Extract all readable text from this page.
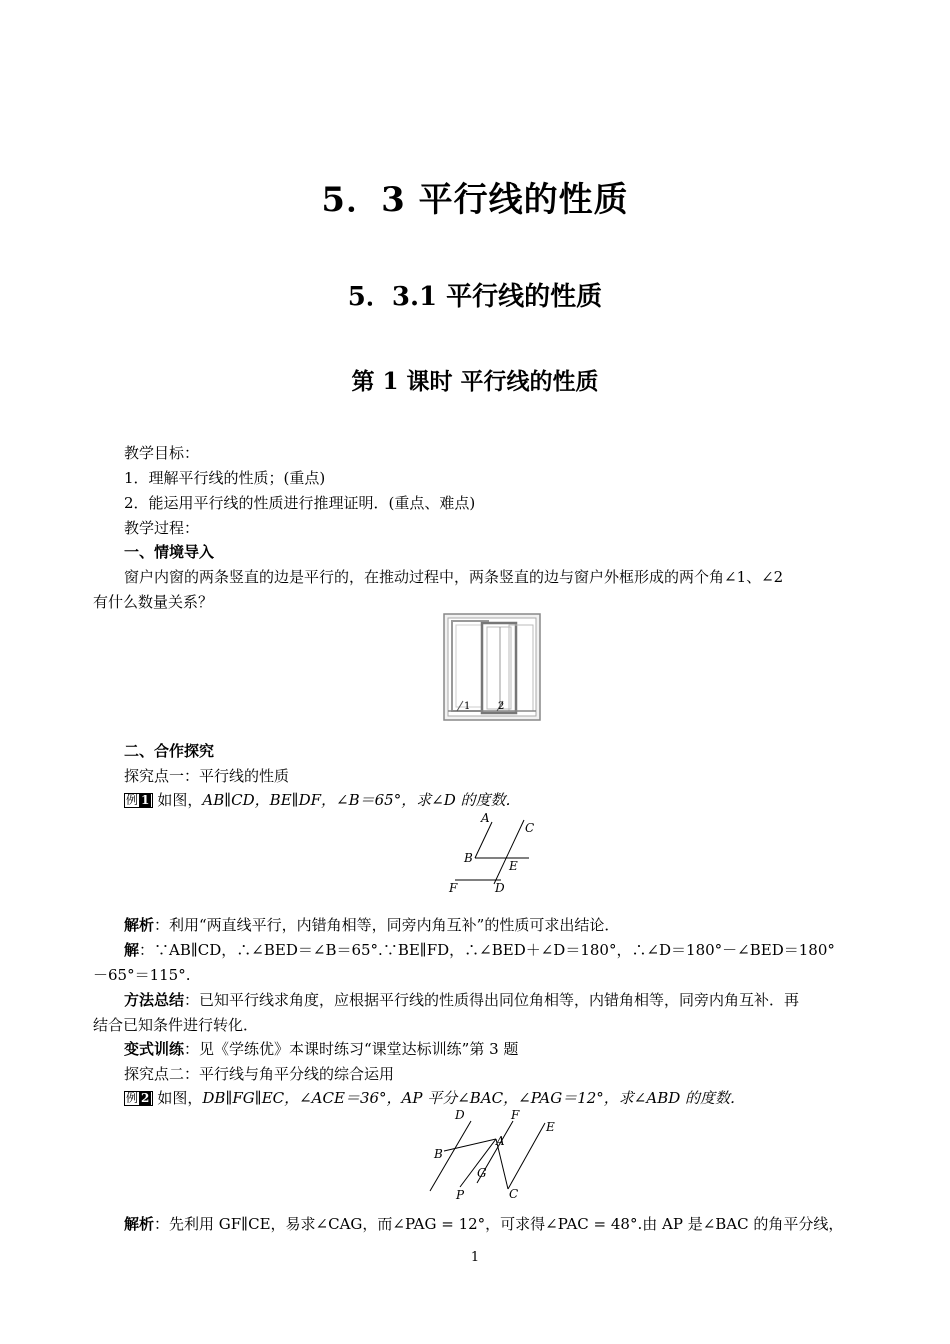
5．3 平行线的性质
5．3.1 平行线的性质
第 1 课时 平行线的性质
教学目标：
1．理解平行线的性质；(重点)
2．能运用平行线的性质进行推理证明．(重点、难点)
教学过程：
一、情境导入
窗户内窗的两条竖直的边是平行的，在推动过程中，两条竖直的边与窗户外框形成的两个角∠1、∠2
有什么数量关系？
1	2
二、合作探究
探究点一：平行线的性质
例 1 如图，AB∥CD，BE∥DF，∠B＝65°，求∠D 的度数．
A
C
B
E
F	D
解析：利用“两直线平行，内错角相等，同旁内角互补”的性质可求出结论．
解：∵AB∥CD，∴∠BED＝∠B＝65°.∵BE∥FD，∴∠BED＋∠D＝180°，∴∠D＝180°－∠BED＝180°
－65°＝115°.
方法总结：已知平行线求角度，应根据平行线的性质得出同位角相等，内错角相等，同旁内角互补．再
结合已知条件进行转化．
变式训练：见《学练优》本课时练习“课堂达标训练”第 3 题
探究点二：平行线与角平分线的综合运用
例 2 如图，DB∥FG∥EC，∠ACE＝36°，AP 平分∠BAC，∠PAG＝12°，求∠ABD 的度数．
D	F
E
A
B
G
P	C
解析：先利用 GF∥CE，易求∠CAG，而∠PAG = 12°，可求得∠PAC = 48°.由 AP 是∠BAC 的角平分线，
1
